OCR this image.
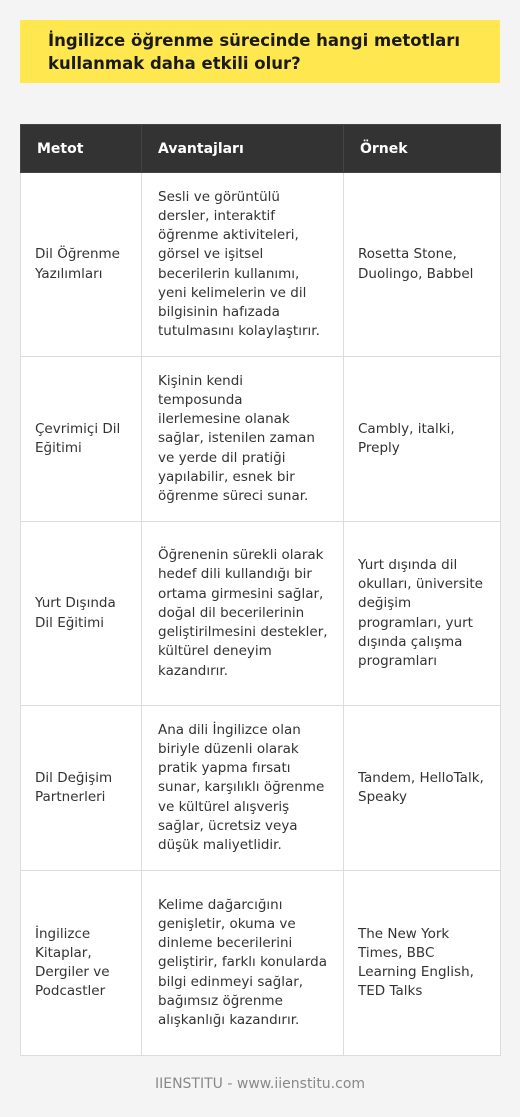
İngilizce öğrenme sürecinde hangi metotları kullanmak daha etkili olur?
Metot	Avantajları	Örnek
Dil Öğrenme Yazılımları	Sesli ve görüntülü dersler, interaktif öğrenme aktiviteleri, görsel ve işitsel becerilerin kullanımı, yeni kelimelerin ve dil bilgisinin hafızada tutulmasını kolaylaştırır.	Rosetta Stone, Duolingo, Babbel
Çevrimiçi Dil Eğitimi	Kişinin kendi temposunda ilerlemesine olanak sağlar, istenilen zaman ve yerde dil pratiği yapılabilir, esnek bir öğrenme süreci sunar.	Cambly, italki, Preply
Yurt Dışında Dil Eğitimi	Öğrenenin sürekli olarak hedef dili kullandığı bir ortama girmesini sağlar, doğal dil becerilerinin geliştirilmesini destekler, kültürel deneyim kazandırır.	Yurt dışında dil okulları, üniversite değişim programları, yurt dışında çalışma programları
Dil Değişim Partnerleri	Ana dili İngilizce olan biriyle düzenli olarak pratik yapma fırsatı sunar, karşılıklı öğrenme ve kültürel alışveriş sağlar, ücretsiz veya düşük maliyetlidir.	Tandem, HelloTalk, Speaky
İngilizce Kitaplar, Dergiler ve Podcastler	Kelime dağarcığını genişletir, okuma ve dinleme becerilerini geliştirir, farklı konularda bilgi edinmeyi sağlar, bağımsız öğrenme alışkanlığı kazandırır.	The New York Times, BBC Learning English, TED Talks
IIENSTITU - www.iienstitu.com
